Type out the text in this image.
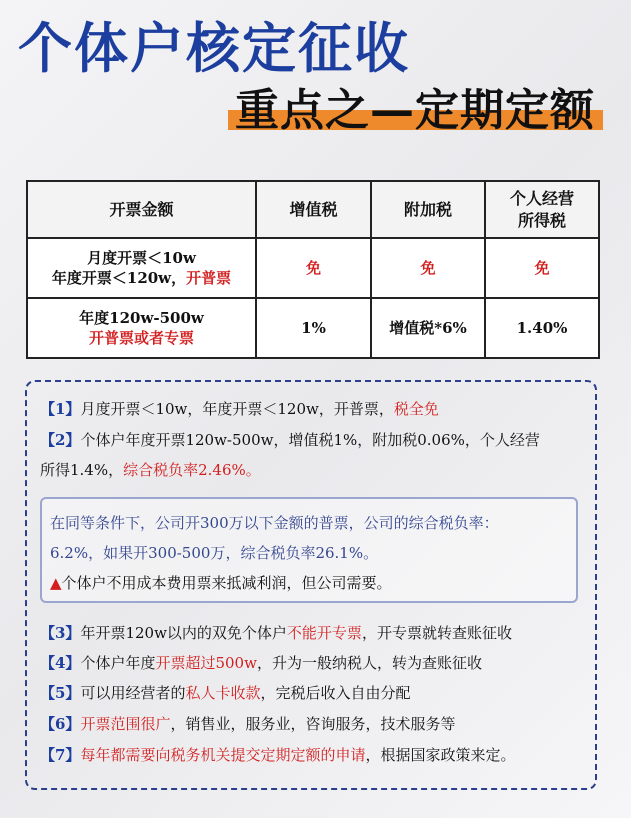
个体户核定征收
重点之—定期定额
开票金额	增值税	附加税	个人经营
所得税

月度开票＜10w
年度开票＜120w，开普票	免	免	免

年度120w-500w
开普票或者专票	1%	增值税*6%	1.40%
【1】月度开票＜10w，年度开票＜120w，开普票，税全免
【2】个体户年度开票120w-500w，增值税1%，附加税0.06%，个人经营
所得1.4%，综合税负率2.46%。
【3】年开票120w以内的双免个体户不能开专票，开专票就转查账征收
【4】个体户年度开票超过500w，升为一般纳税人，转为查账征收
【5】可以用经营者的私人卡收款，完税后收入自由分配
【6】开票范围很广，销售业，服务业，咨询服务，技术服务等
【7】每年都需要向税务机关提交定期定额的申请，根据国家政策来定。
在同等条件下，公司开300万以下金额的普票，公司的综合税负率：
6.2%，如果开300-500万，综合税负率26.1%。
▲个体户不用成本费用票来抵减利润，但公司需要。
